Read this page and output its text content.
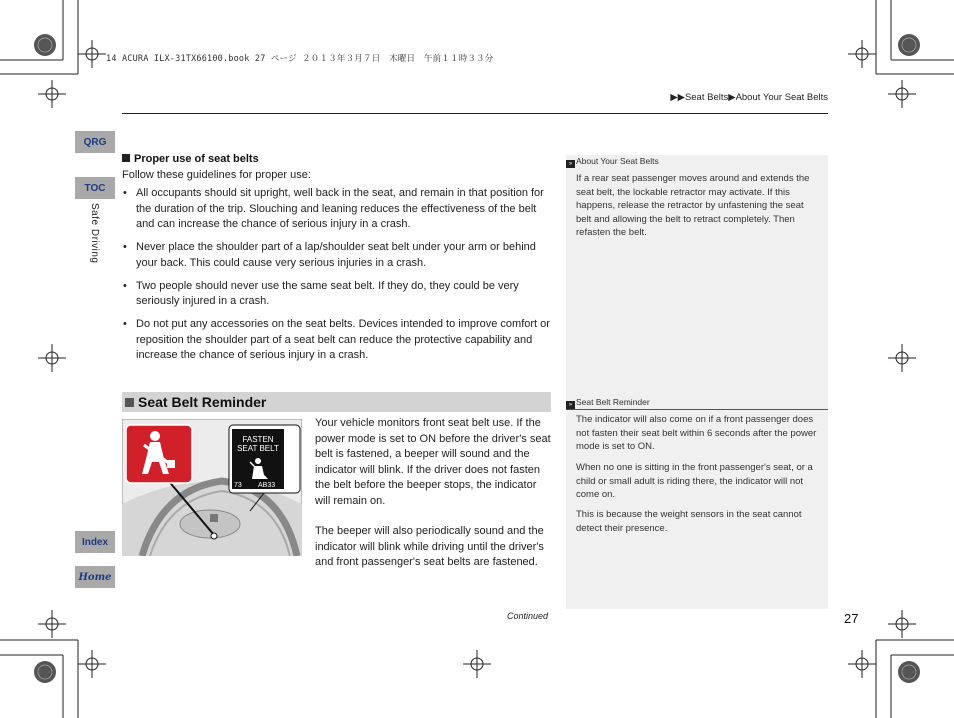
14 ACURA ILX-31TX66100.book 27 ページ ２０１３年３月７日　木曜日　午前１１時３３分
▶▶Seat Belts▶About Your Seat Belts
QRG
TOC
Safe Driving
Index
Home
Proper use of seat belts
Follow these guidelines for proper use:
• All occupants should sit upright, well back in the seat, and remain in that position for the duration of the trip. Slouching and leaning reduces the effectiveness of the belt and can increase the chance of serious injury in a crash.
• Never place the shoulder part of a lap/shoulder seat belt under your arm or behind your back. This could cause very serious injuries in a crash.
• Two people should never use the same seat belt. If they do, they could be very seriously injured in a crash.
• Do not put any accessories on the seat belts. Devices intended to improve comfort or reposition the shoulder part of a seat belt can reduce the protective capability and increase the chance of serious injury in a crash.
» About Your Seat Belts
If a rear seat passenger moves around and extends the seat belt, the lockable retractor may activate. If this happens, release the retractor by unfastening the seat belt and allowing the belt to retract completely. Then refasten the belt.
» Seat Belt Reminder
The indicator will also come on if a front passenger does not fasten their seat belt within 6 seconds after the power mode is set to ON.
When no one is sitting in the front passenger's seat, or a child or small adult is riding there, the indicator will not come on.
This is because the weight sensors in the seat cannot detect their presence.
Seat Belt Reminder
FASTEN
SEAT BELT
73 AB33
Your vehicle monitors front seat belt use. If the power mode is set to ON before the driver's seat belt is fastened, a beeper will sound and the indicator will blink. If the driver does not fasten the belt before the beeper stops, the indicator will remain on.
The beeper will also periodically sound and the indicator will blink while driving until the driver's and front passenger's seat belts are fastened.
Continued	27
